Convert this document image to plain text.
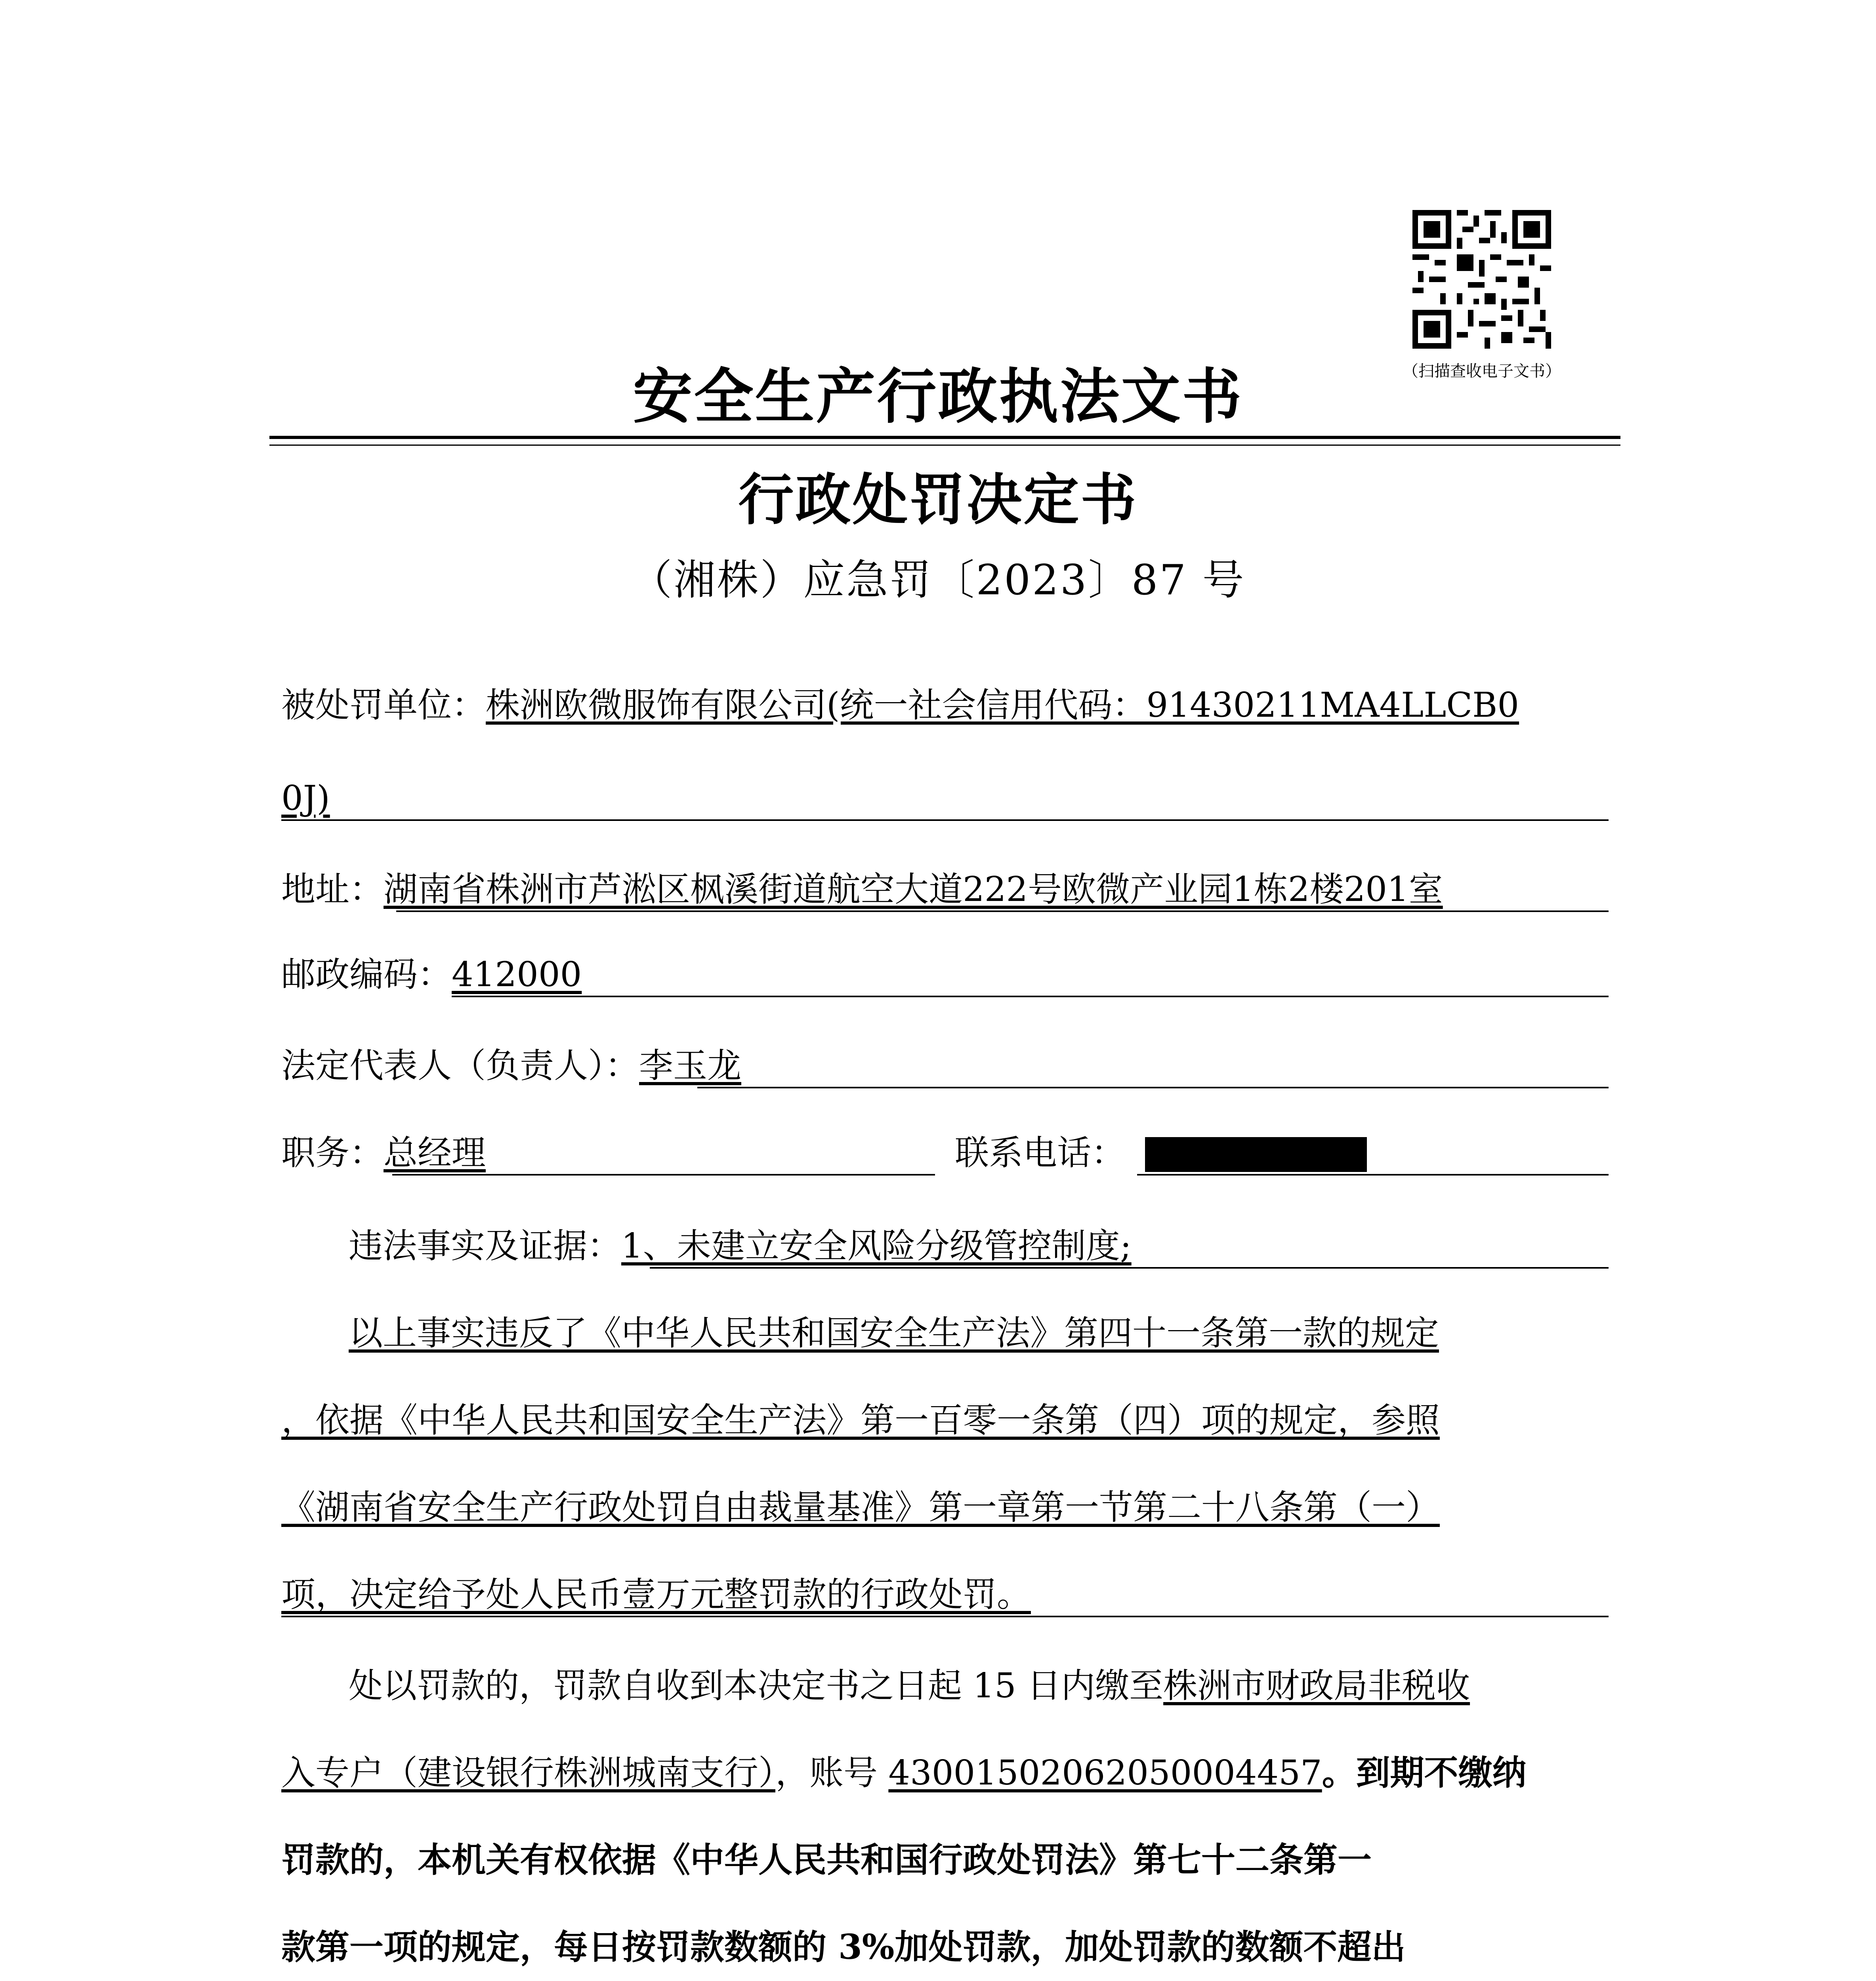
（扫描查收电子文书）
安全生产行政执法文书
行政处罚决定书
（湘株）应急罚〔2023〕87 号
被处罚单位：株洲欧微服饰有限公司(统一社会信用代码：91430211MA4LLCB0
0J)
地址：湖南省株洲市芦淞区枫溪街道航空大道222号欧微产业园1栋2楼201室
邮政编码：412000
法定代表人（负责人）：李玉龙
职务：总经理	联系电话：
违法事实及证据：1、未建立安全风险分级管控制度;
以上事实违反了《中华人民共和国安全生产法》第四十一条第一款的规定
，依据《中华人民共和国安全生产法》第一百零一条第（四）项的规定，参照
《湖南省安全生产行政处罚自由裁量基准》第一章第一节第二十八条第（一）
项，决定给予处人民币壹万元整罚款的行政处罚。
处以罚款的，罚款自收到本决定书之日起 15 日内缴至株洲市财政局非税收
入专户（建设银行株洲城南支行），账号 43001502062050004457。到期不缴纳
罚款的，本机关有权依据《中华人民共和国行政处罚法》第七十二条第一
款第一项的规定，每日按罚款数额的 3%加处罚款，加处罚款的数额不超出
